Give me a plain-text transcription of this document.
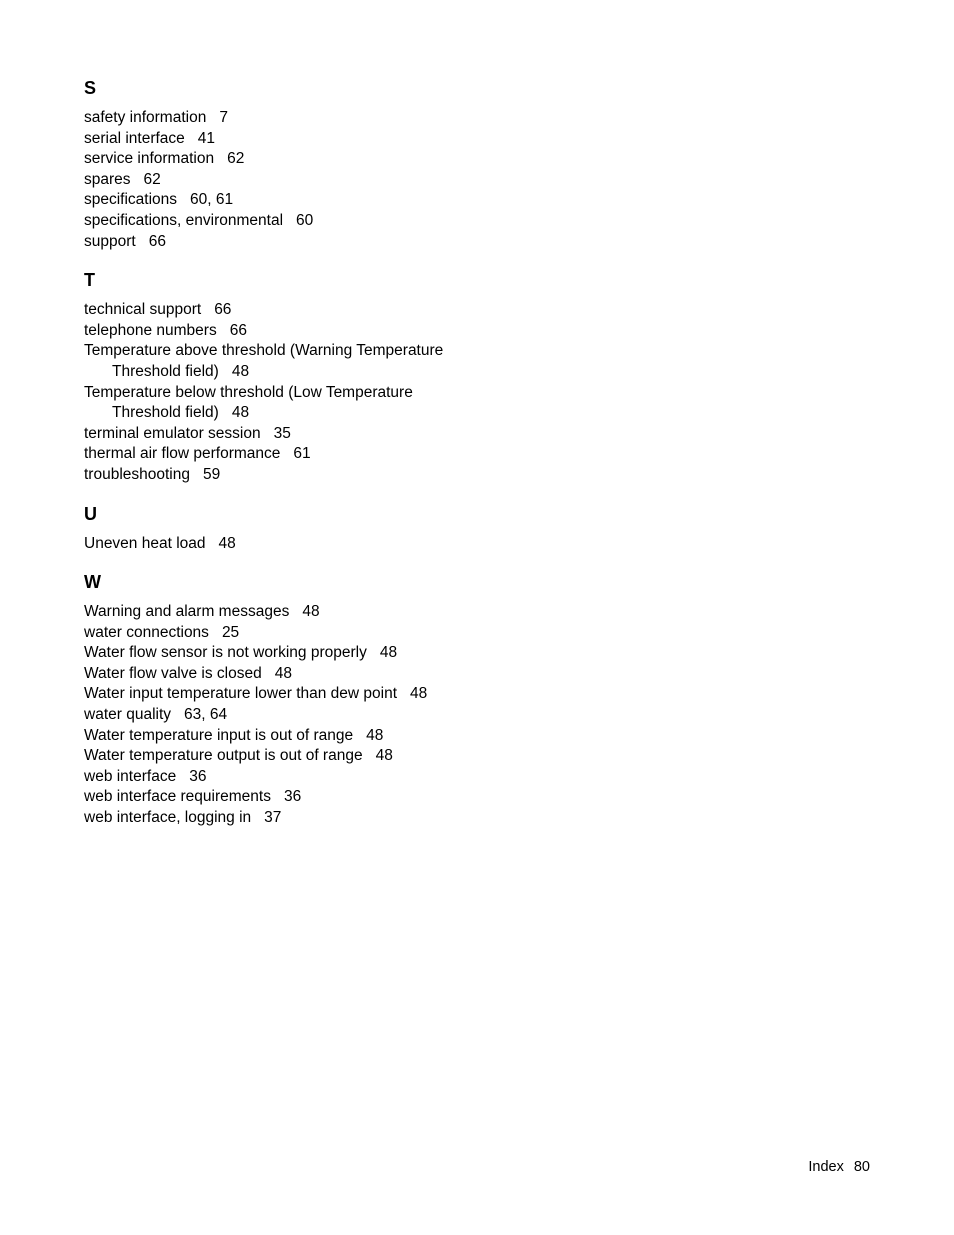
S
safety information 7
serial interface 41
service information 62
spares 62
specifications 60, 61
specifications, environmental 60
support 66
T
technical support 66
telephone numbers 66
Temperature above threshold (Warning Temperature
Threshold field) 48
Temperature below threshold (Low Temperature
Threshold field) 48
terminal emulator session 35
thermal air flow performance 61
troubleshooting 59
U
Uneven heat load 48
W
Warning and alarm messages 48
water connections 25
Water flow sensor is not working properly 48
Water flow valve is closed 48
Water input temperature lower than dew point 48
water quality 63, 64
Water temperature input is out of range 48
Water temperature output is out of range 48
web interface 36
web interface requirements 36
web interface, logging in 37
Index 80
